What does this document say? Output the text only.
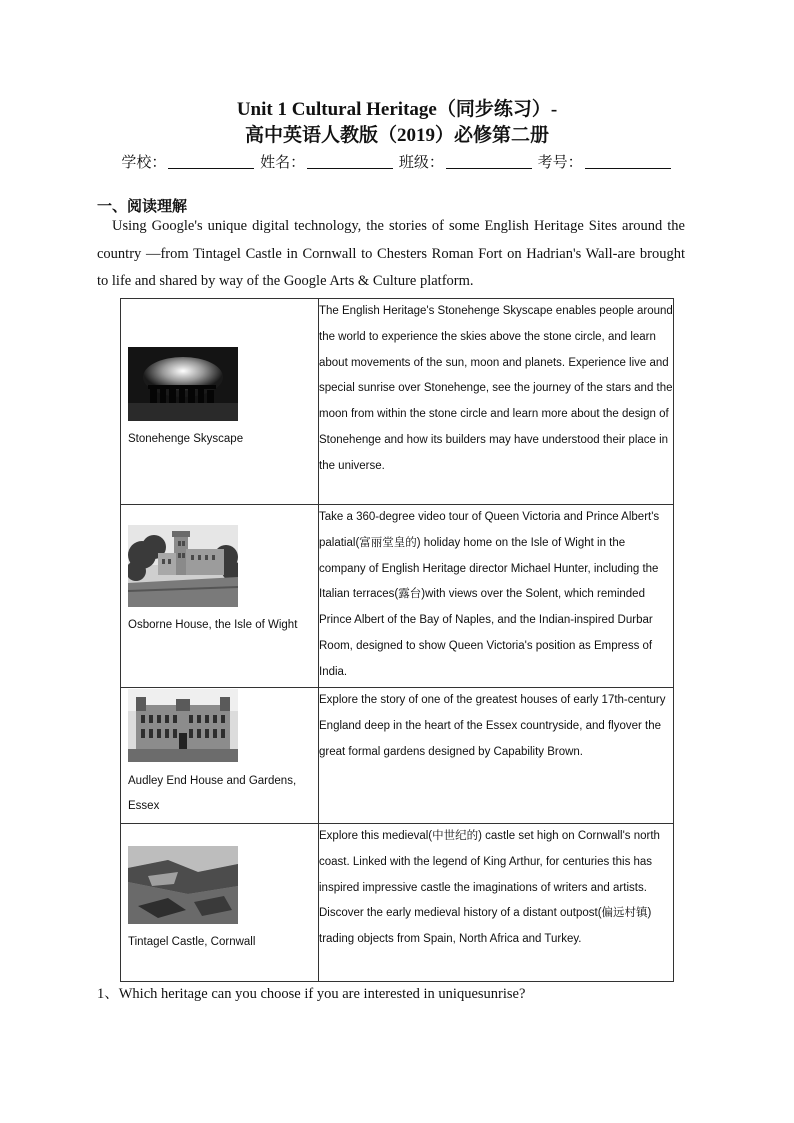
Unit 1 Cultural Heritage（同步练习）-
高中英语人教版（2019）必修第二册
学校：	姓名：	班级：	考号：
一、阅读理解
Using Google's unique digital technology, the stories of some English Heritage Sites around the country —from Tintagel Castle in Cornwall to Chesters Roman Fort on Hadrian's Wall-are brought to life and shared by way of the Google Arts & Culture platform.
Stonehenge Skyscape	The English Heritage's Stonehenge Skyscape enables people around the world to experience the skies above the stone circle, and learn about movements of the sun, moon and planets. Experience live and special sunrise over Stonehenge, see the journey of the stars and the moon from within the stone circle and learn more about the design of Stonehenge and how its builders may have understood their place in the universe.

Osborne House, the Isle of Wight	Take a 360-degree video tour of Queen Victoria and Prince Albert's palatial(富丽堂皇的) holiday home on the Isle of Wight in the company of English Heritage director Michael Hunter, including the Italian terraces(露台)with views over the Solent, which reminded Prince Albert of the Bay of Naples, and the Indian-inspired Durbar Room, designed to show Queen Victoria's position as Empress of India.

Audley End House and Gardens, Essex	Explore the story of one of the greatest houses of early 17th-century England deep in the heart of the Essex countryside, and flyover the great formal gardens designed by Capability Brown.

Tintagel Castle, Cornwall	Explore this medieval(中世纪的) castle set high on Cornwall's north coast. Linked with the legend of King Arthur, for centuries this has inspired impressive castle the imaginations of writers and artists. Discover the early medieval history of a distant outpost(偏远村镇) trading objects from Spain, North Africa and Turkey.
1、Which heritage can you choose if you are interested in uniquesunrise?
